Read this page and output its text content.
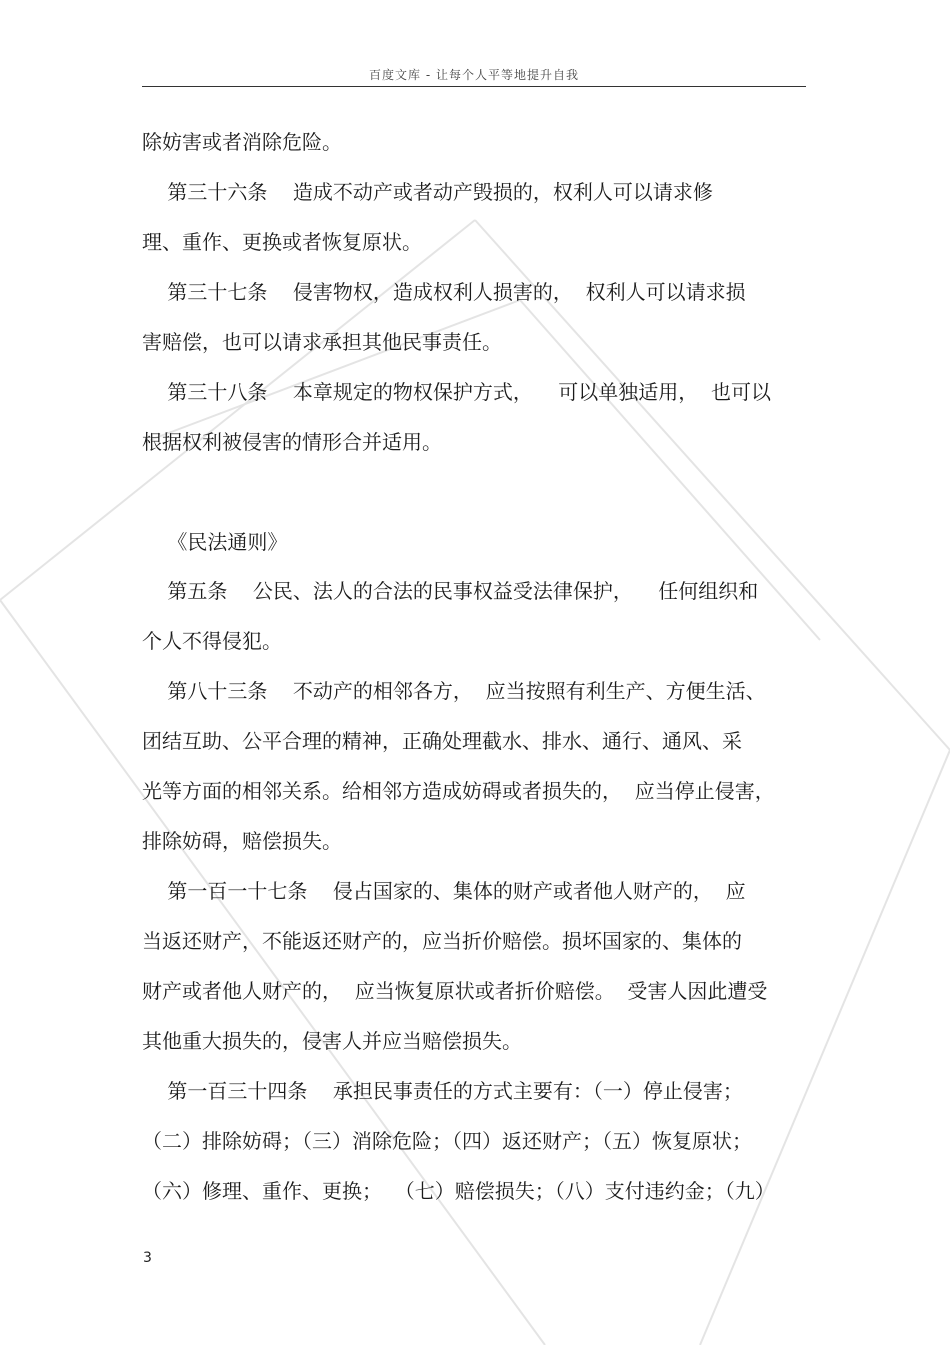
百度文库 - 让每个人平等地提升自我
除妨害或者消除危险。
第三十六条    造成不动产或者动产毁损的，权利人可以请求修
理、重作、更换或者恢复原状。
第三十七条    侵害物权，造成权利人损害的，  权利人可以请求损
害赔偿，也可以请求承担其他民事责任。
第三十八条    本章规定的物权保护方式，    可以单独适用，  也可以
根据权利被侵害的情形合并适用。
《民法通则》
第五条    公民、法人的合法的民事权益受法律保护，    任何组织和
个人不得侵犯。
第八十三条    不动产的相邻各方，  应当按照有利生产、方便生活、
团结互助、公平合理的精神，正确处理截水、排水、通行、通风、采
光等方面的相邻关系。给相邻方造成妨碍或者损失的，  应当停止侵害，
排除妨碍，赔偿损失。
第一百一十七条    侵占国家的、集体的财产或者他人财产的，  应
当返还财产，不能返还财产的，应当折价赔偿。损坏国家的、集体的
财产或者他人财产的，  应当恢复原状或者折价赔偿。  受害人因此遭受
其他重大损失的，侵害人并应当赔偿损失。
第一百三十四条    承担民事责任的方式主要有：（一）停止侵害；
（二）排除妨碍；（三）消除危险；（四）返还财产；（五）恢复原状；
（六）修理、重作、更换；  （七）赔偿损失；（八）支付违约金；（九）
3
